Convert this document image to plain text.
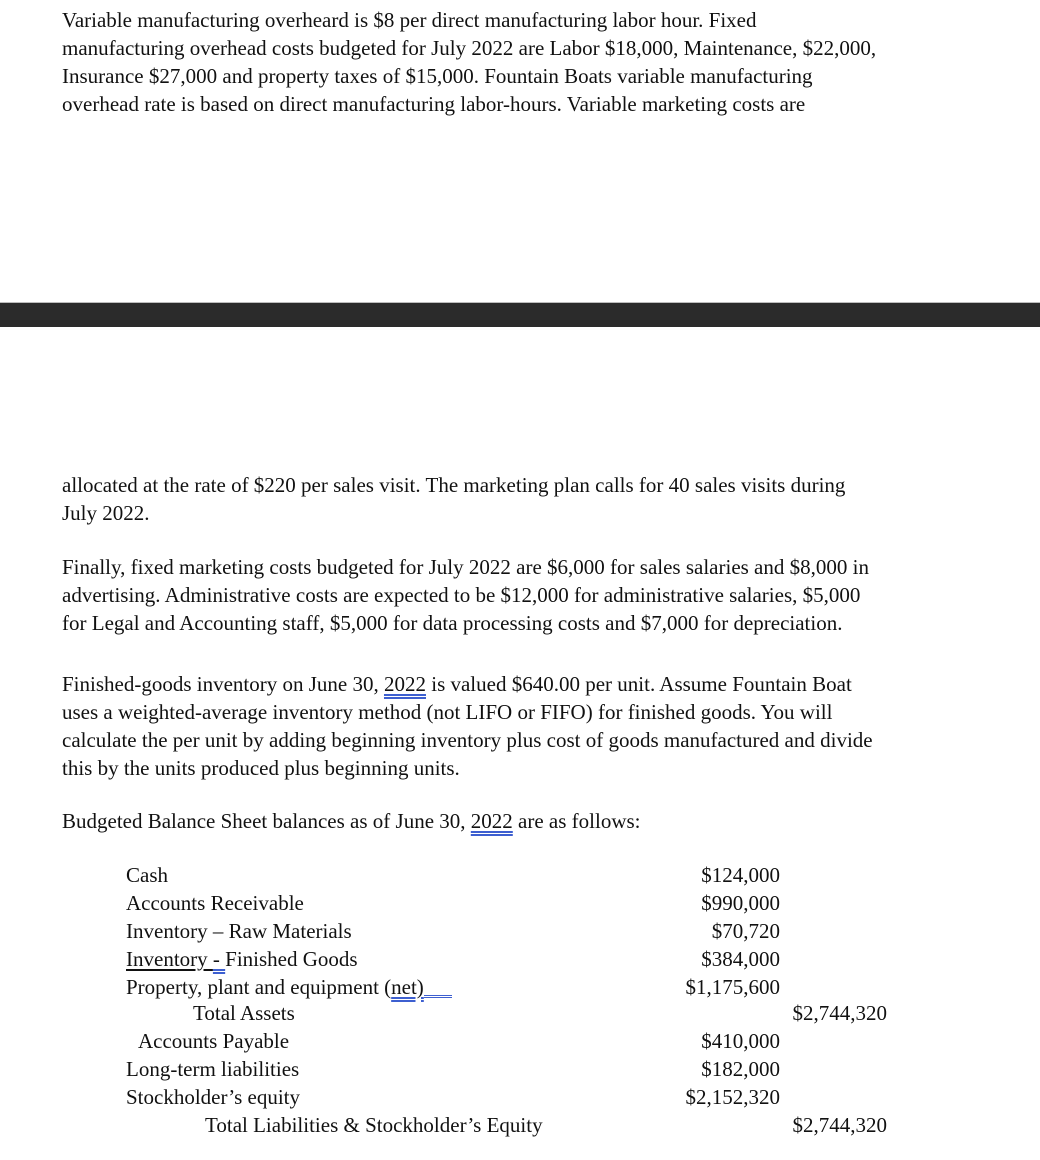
Variable manufacturing overheard is $8 per direct manufacturing labor hour. Fixed
manufacturing overhead costs budgeted for July 2022 are Labor $18,000, Maintenance, $22,000,
Insurance $27,000 and property taxes of $15,000. Fountain Boats variable manufacturing
overhead rate is based on direct manufacturing labor-hours. Variable marketing costs are

allocated at the rate of $220 per sales visit. The marketing plan calls for 40 sales visits during
July 2022.

Finally, fixed marketing costs budgeted for July 2022 are $6,000 for sales salaries and $8,000 in
advertising. Administrative costs are expected to be $12,000 for administrative salaries, $5,000
for Legal and Accounting staff, $5,000 for data processing costs and $7,000 for depreciation.

Finished-goods inventory on June 30, 2022 is valued $640.00 per unit. Assume Fountain Boat
uses a weighted-average inventory method (not LIFO or FIFO) for finished goods. You will
calculate the per unit by adding beginning inventory plus cost of goods manufactured and divide
this by the units produced plus beginning units.

Budgeted Balance Sheet balances as of June 30, 2022 are as follows:

Cash	$124,000
Accounts Receivable	$990,000
Inventory – Raw Materials	$70,720
Inventory - Finished Goods	$384,000
Property, plant and equipment (net)	$1,175,600
Total Assets	$2,744,320
Accounts Payable	$410,000
Long-term liabilities	$182,000
Stockholder’s equity	$2,152,320
Total Liabilities & Stockholder’s Equity	$2,744,320
